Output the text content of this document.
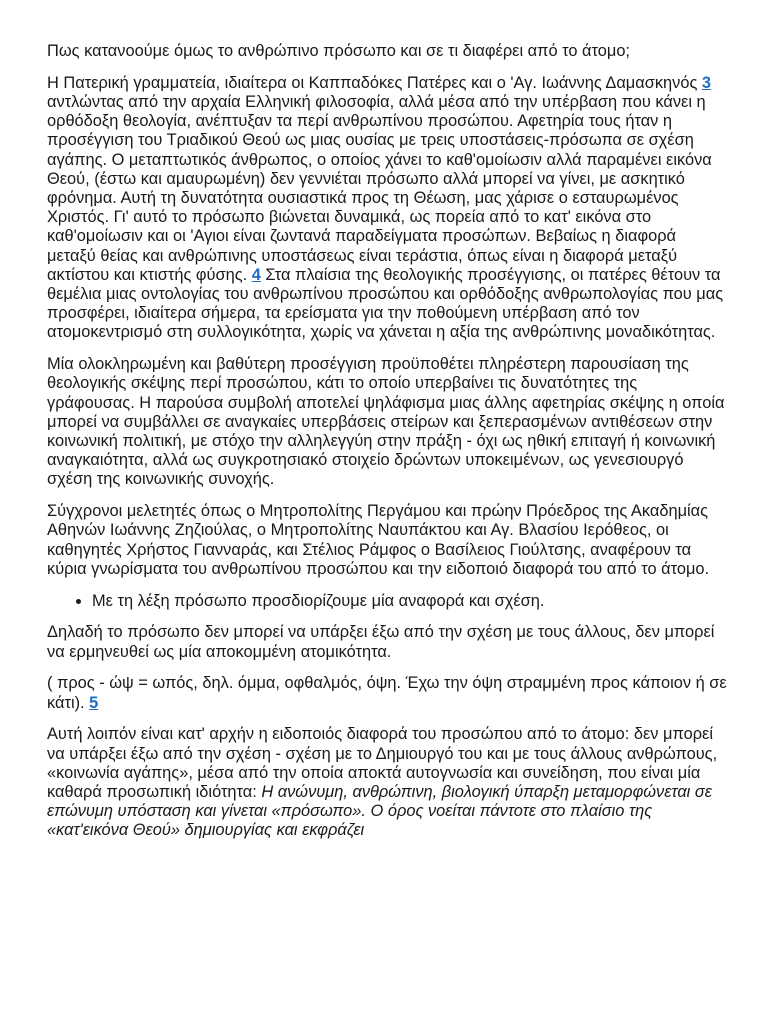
Πως κατανοούμε όμως το ανθρώπινο πρόσωπο και σε τι διαφέρει από το άτομο;

Η Πατερική γραμματεία, ιδιαίτερα οι Καππαδόκες Πατέρες και ο 'Αγ. Ιωάννης Δαμασκηνός 3 αντλώντας από την αρχαία Ελληνική φιλοσοφία, αλλά μέσα από την υπέρβαση που κάνει η ορθόδοξη θεολογία, ανέπτυξαν τα περί ανθρωπίνου προσώπου. Αφετηρία τους ήταν η προσέγγιση του Τριαδικού Θεού ως μιας ουσίας με τρεις υποστάσεις-πρόσωπα σε σχέση αγάπης. Ο μεταπτωτικός άνθρωπος, ο οποίος χάνει το καθ'ομοίωσιν αλλά παραμένει εικόνα Θεού, (έστω και αμαυρωμένη) δεν γεννιέται πρόσωπο αλλά μπορεί να γίνει, με ασκητικό φρόνημα. Αυτή τη δυνατότητα ουσιαστικά προς τη Θέωση, μας χάρισε ο εσταυρωμένος Χριστός. Γι' αυτό το πρόσωπο βιώνεται δυναμικά, ως πορεία από το κατ' εικόνα στο καθ'ομοίωσιν και οι 'Αγιοι είναι ζωντανά παραδείγματα προσώπων. Βεβαίως η διαφορά μεταξύ θείας και ανθρώπινης υποστάσεως είναι τεράστια, όπως είναι η διαφορά μεταξύ ακτίστου και κτιστής φύσης. 4 Στα πλαίσια της θεολογικής προσέγγισης, οι πατέρες θέτουν τα θεμέλια μιας οντολογίας του ανθρωπίνου προσώπου και ορθόδοξης ανθρωπολογίας που μας προσφέρει, ιδιαίτερα σήμερα, τα ερείσματα για την ποθούμενη υπέρβαση από τον ατομοκεντρισμό στη συλλογικότητα, χωρίς να χάνεται η αξία της ανθρώπινης μοναδικότητας.

Μία ολοκληρωμένη και βαθύτερη προσέγγιση προϋποθέτει πληρέστερη παρουσίαση της θεολογικής σκέψης περί προσώπου, κάτι το οποίο υπερβαίνει τις δυνατότητες της γράφουσας. Η παρούσα συμβολή αποτελεί ψηλάφισμα μιας άλλης αφετηρίας σκέψης η οποία μπορεί να συμβάλλει σε αναγκαίες υπερβάσεις στείρων και ξεπερασμένων αντιθέσεων στην κοινωνική πολιτική, με στόχο την αλληλεγγύη στην πράξη - όχι ως ηθική επιταγή ή κοινωνική αναγκαιότητα, αλλά ως συγκροτησιακό στοιχείο δρώντων υποκειμένων, ως γενεσιουργό σχέση της κοινωνικής συνοχής.

Σύγχρονοι μελετητές όπως ο Μητροπολίτης Περγάμου και πρώην Πρόεδρος της Ακαδημίας Αθηνών Ιωάννης Ζηζιούλας, ο Μητροπολίτης Ναυπάκτου και Αγ. Βλασίου Ιερόθεος, οι καθηγητές Χρήστος Γιανναράς, και Στέλιος Ράμφος ο Βασίλειος Γιούλτσης, αναφέρουν τα κύρια γνωρίσματα του ανθρωπίνου προσώπου και την ειδοποιό διαφορά του από το άτομο.

• Με τη λέξη πρόσωπο προσδιορίζουμε μία αναφορά και σχέση.

Δηλαδή το πρόσωπο δεν μπορεί να υπάρξει έξω από την σχέση με τους άλλους, δεν μπορεί να ερμηνευθεί ως μία αποκομμένη ατομικότητα.

( προς - ώψ = ωπός, δηλ. όμμα, οφθαλμός, όψη. Έχω την όψη στραμμένη προς κάποιον ή σε κάτι). 5

Αυτή λοιπόν είναι κατ' αρχήν η ειδοποιός διαφορά του προσώπου από το άτομο: δεν μπορεί να υπάρξει έξω από την σχέση - σχέση με το Δημιουργό του και με τους άλλους ανθρώπους, «κοινωνία αγάπης», μέσα από την οποία αποκτά αυτογνωσία και συνείδηση, που είναι μία καθαρά προσωπική ιδιότητα: Η ανώνυμη, ανθρώπινη, βιολογική ύπαρξη μεταμορφώνεται σε επώνυμη υπόσταση και γίνεται «πρόσωπο». Ο όρος νοείται πάντοτε στο πλαίσιο της «κατ'εικόνα Θεού» δημιουργίας και εκφράζει
